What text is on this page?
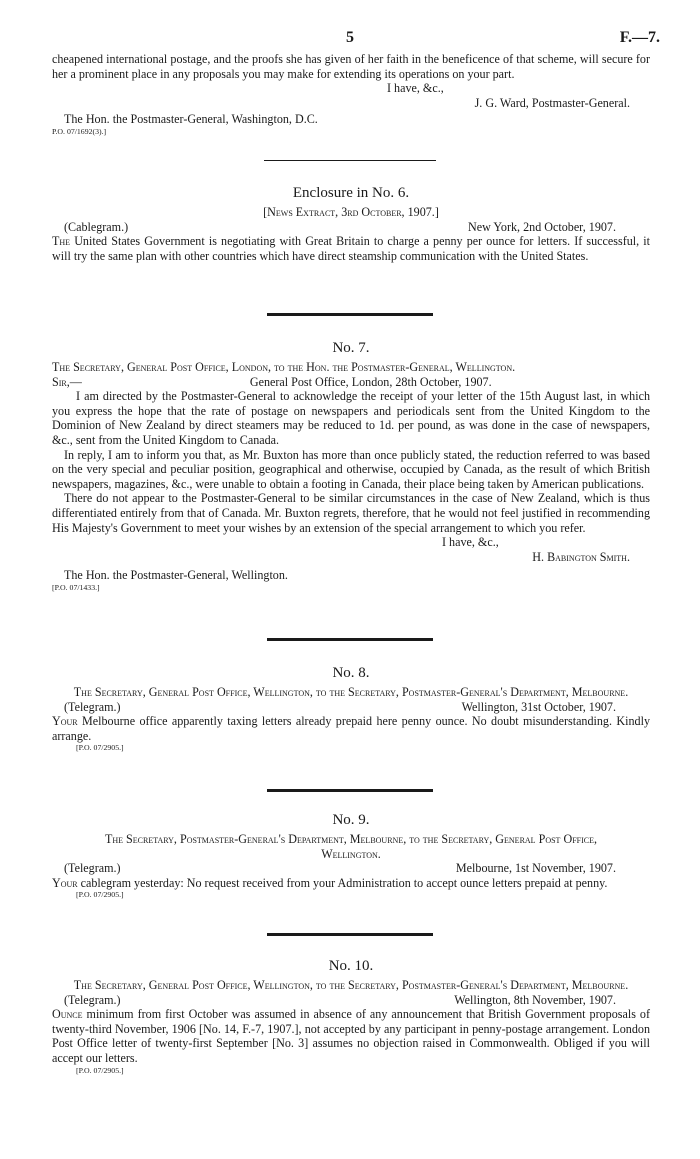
5	F.—7.

cheapened international postage, and the proofs she has given of her faith in the beneficence of that scheme, will secure for her a prominent place in any proposals you may make for extending its operations on your part.

I have, &c.,

J. G. Ward, Postmaster-General.

The Hon. the Postmaster-General, Washington, D.C.

P.O. 07/1692(3).]

Enclosure in No. 6.

[News Extract, 3rd October, 1907.]

(Cablegram.)	New York, 2nd October, 1907.

The United States Government is negotiating with Great Britain to charge a penny per ounce for letters. If successful, it will try the same plan with other countries which have direct steamship communication with the United States.

No. 7.

The Secretary, General Post Office, London, to the Hon. the Postmaster-General, Wellington.

Sir,—	General Post Office, London, 28th October, 1907.

I am directed by the Postmaster-General to acknowledge the receipt of your letter of the 15th August last, in which you express the hope that the rate of postage on newspapers and periodicals sent from the United Kingdom to the Dominion of New Zealand by direct steamers may be reduced to 1d. per pound, as was done in the case of newspapers, &c., sent from the United Kingdom to Canada.

In reply, I am to inform you that, as Mr. Buxton has more than once publicly stated, the reduction referred to was based on the very special and peculiar position, geographical and otherwise, occupied by Canada, as the result of which British newspapers, magazines, &c., were unable to obtain a footing in Canada, their place being taken by American publications.

There do not appear to the Postmaster-General to be similar circumstances in the case of New Zealand, which is thus differentiated entirely from that of Canada. Mr. Buxton regrets, therefore, that he would not feel justified in recommending His Majesty's Government to meet your wishes by an extension of the special arrangement to which you refer.

I have, &c.,

H. Babington Smith.

The Hon. the Postmaster-General, Wellington.

[P.O. 07/1433.]

No. 8.

The Secretary, General Post Office, Wellington, to the Secretary, Postmaster-General's Department, Melbourne.

(Telegram.)	Wellington, 31st October, 1907.

Your Melbourne office apparently taxing letters already prepaid here penny ounce. No doubt misunderstanding. Kindly arrange.

[P.O. 07/2905.]

No. 9.

The Secretary, Postmaster-General's Department, Melbourne, to the Secretary, General Post Office, Wellington.

(Telegram.)	Melbourne, 1st November, 1907.

Your cablegram yesterday: No request received from your Administration to accept ounce letters prepaid at penny.

[P.O. 07/2905.]

No. 10.

The Secretary, General Post Office, Wellington, to the Secretary, Postmaster-General's Department, Melbourne.

(Telegram.)	Wellington, 8th November, 1907.

Ounce minimum from first October was assumed in absence of any announcement that British Government proposals of twenty-third November, 1906 [No. 14, F.-7, 1907.], not accepted by any participant in penny-postage arrangement. London Post Office letter of twenty-first September [No. 3] assumes no objection raised in Commonwealth. Obliged if you will accept our letters.

[P.O. 07/2905.]
